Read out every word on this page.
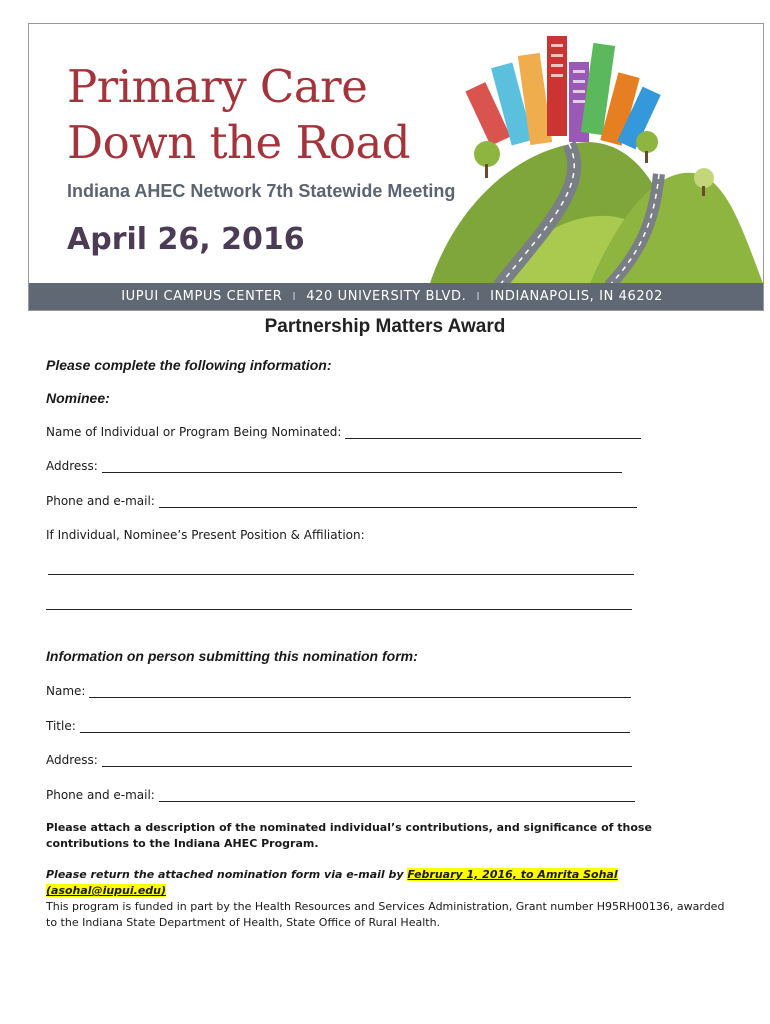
Primary Care
Down the Road
Indiana AHEC Network 7th Statewide Meeting
April 26, 2016
IUPUI CAMPUS CENTER I 420 UNIVERSITY BLVD. I INDIANAPOLIS, IN 46202
Partnership Matters Award
Please complete the following information:
Nominee:
Name of Individual or Program Being Nominated:
Address:
Phone and e-mail:
If Individual, Nominee’s Present Position & Affiliation:
Information on person submitting this nomination form:
Name:
Title:
Address:
Phone and e-mail:
Please attach a description of the nominated individual’s contributions, and significance of those contributions to the Indiana AHEC Program.
Please return the attached nomination form via e-mail by February 1, 2016, to Amrita Sohal (asohal@iupui.edu)
This program is funded in part by the Health Resources and Services Administration, Grant number H95RH00136, awarded to the Indiana State Department of Health, State Office of Rural Health.
